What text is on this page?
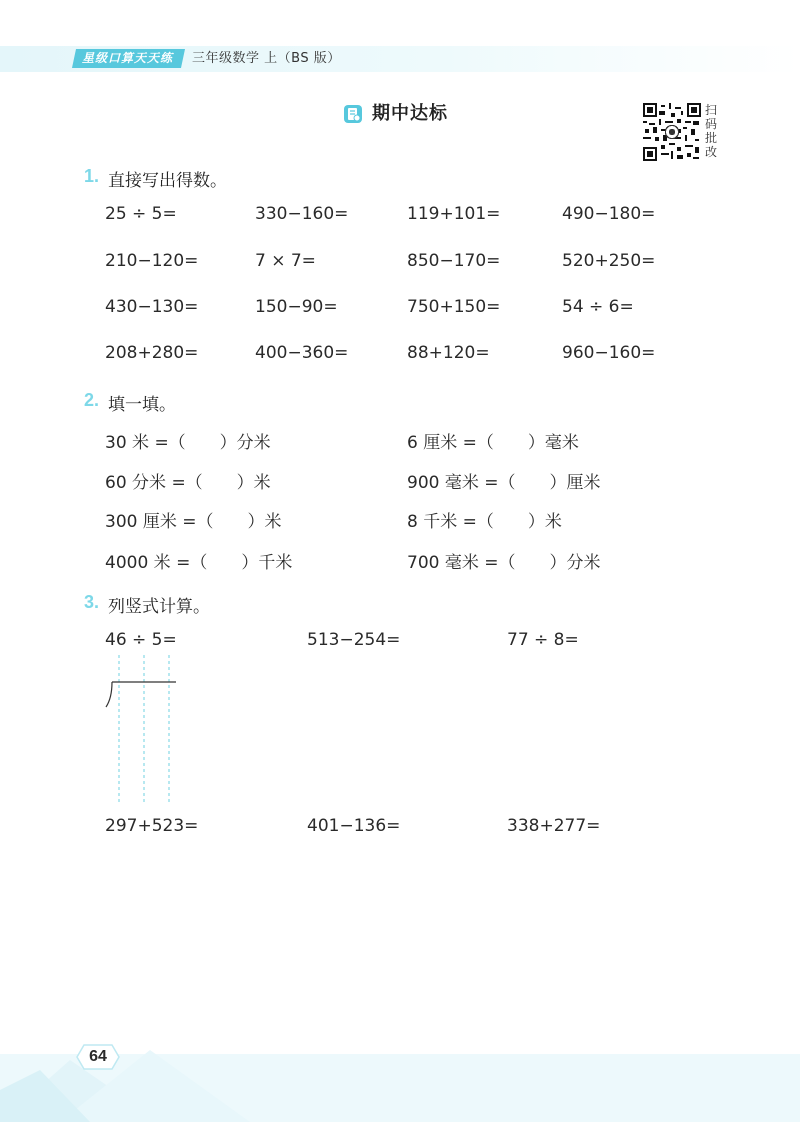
星级口算天天练	三年级数学 上（BS 版）
期中达标	扫
码
批
改
1. 直接写出得数。
25 ÷ 5=	330−160=	119+101=	490−180=
210−120=	7 × 7=	850−170=	520+250=
430−130=	150−90=	750+150=	54 ÷ 6=
208+280=	400−360=	88+120=	960−160=
2. 填一填。
30 米 =（　　）分米	6 厘米 =（　　）毫米
60 分米 =（　　）米	900 毫米 =（　　）厘米
300 厘米 =（　　）米	8 千米 =（　　）米
4000 米 =（　　）千米	700 毫米 =（　　）分米
3. 列竖式计算。
46 ÷ 5=	513−254=	77 ÷ 8=
297+523=	401−136=	338+277=
64
